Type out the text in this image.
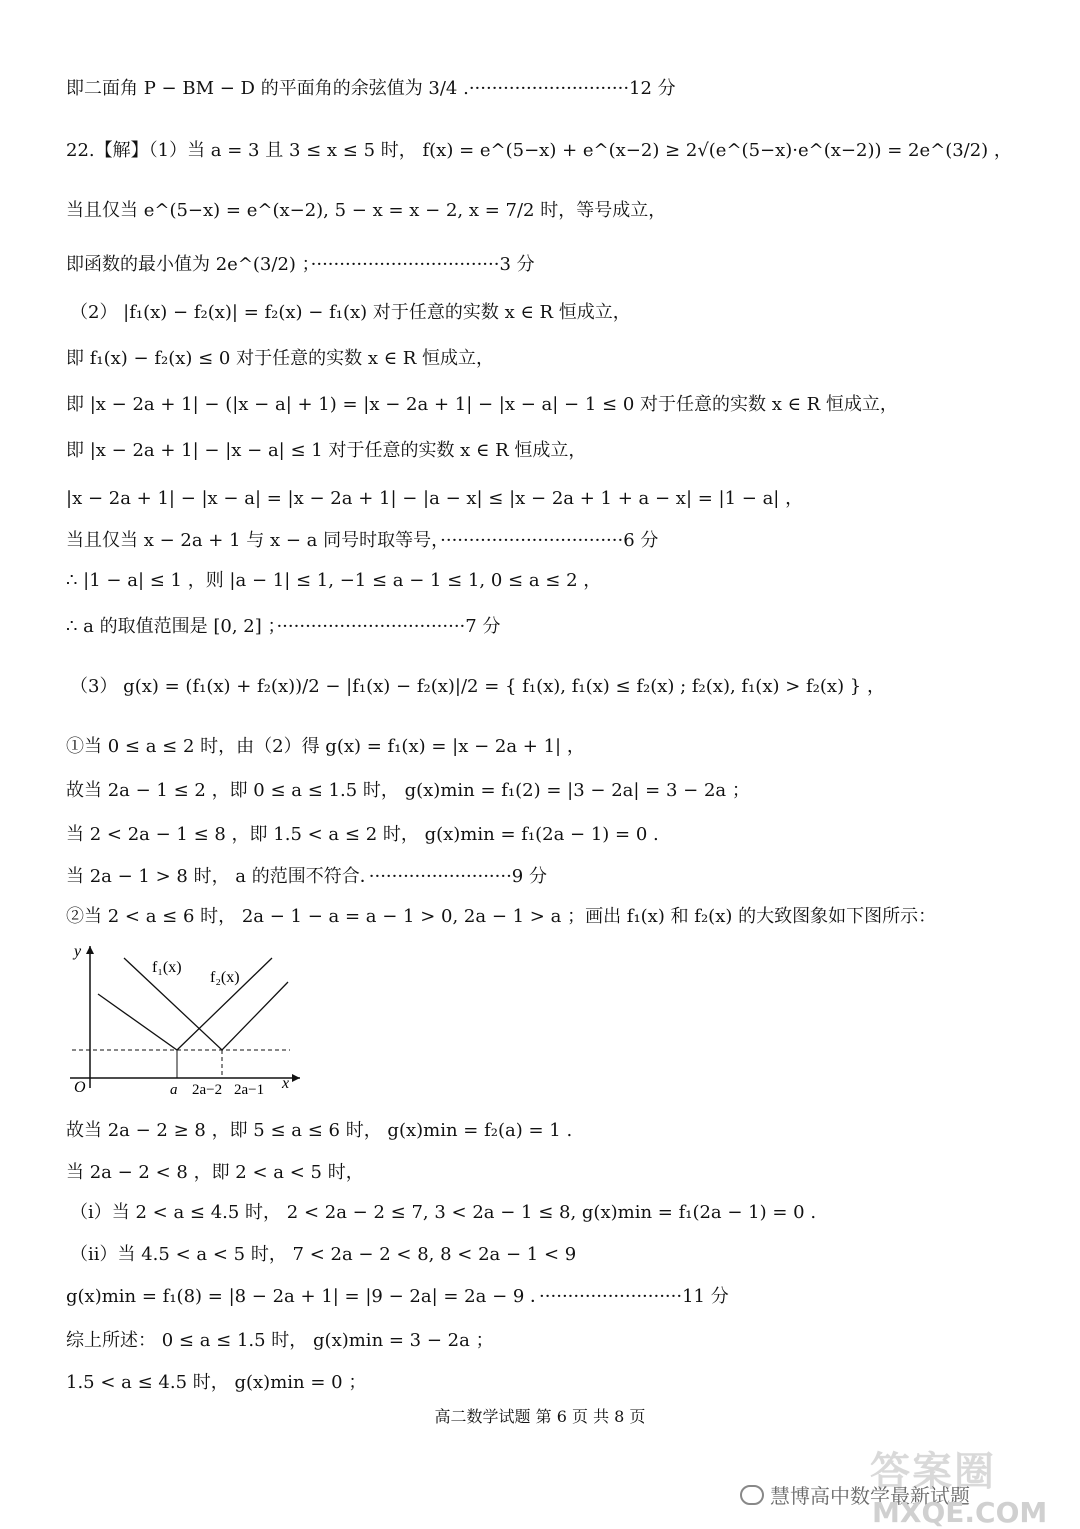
即二面角 P − BM − D 的平面角的余弦值为 3/4 .····························12 分
22.【解】（1）当 a = 3 且 3 ≤ x ≤ 5 时， f(x) = e^(5−x) + e^(x−2) ≥ 2√(e^(5−x)·e^(x−2)) = 2e^(3/2) ，
当且仅当 e^(5−x) = e^(x−2), 5 − x = x − 2, x = 7/2 时，等号成立，
即函数的最小值为 2e^(3/2) ；·································3 分
（2） |f₁(x) − f₂(x)| = f₂(x) − f₁(x) 对于任意的实数 x ∈ R 恒成立，
即 f₁(x) − f₂(x) ≤ 0 对于任意的实数 x ∈ R 恒成立，
即 |x − 2a + 1| − (|x − a| + 1) = |x − 2a + 1| − |x − a| − 1 ≤ 0 对于任意的实数 x ∈ R 恒成立，
即 |x − 2a + 1| − |x − a| ≤ 1 对于任意的实数 x ∈ R 恒成立，
|x − 2a + 1| − |x − a| = |x − 2a + 1| − |a − x| ≤ |x − 2a + 1 + a − x| = |1 − a| ，
当且仅当 x − 2a + 1 与 x − a 同号时取等号，································6 分
∴ |1 − a| ≤ 1 ，则 |a − 1| ≤ 1, −1 ≤ a − 1 ≤ 1, 0 ≤ a ≤ 2 ，
∴ a 的取值范围是 [0, 2] ；·································7 分
（3） g(x) = (f₁(x) + f₂(x))/2 − |f₁(x) − f₂(x)|/2 = { f₁(x), f₁(x) ≤ f₂(x) ; f₂(x), f₁(x) > f₂(x) } ，
①当 0 ≤ a ≤ 2 时，由（2）得 g(x) = f₁(x) = |x − 2a + 1| ，
故当 2a − 1 ≤ 2 ，即 0 ≤ a ≤ 1.5 时， g(x)min = f₁(2) = |3 − 2a| = 3 − 2a ；
当 2 < 2a − 1 ≤ 8 ，即 1.5 < a ≤ 2 时， g(x)min = f₁(2a − 1) = 0 .
当 2a − 1 > 8 时， a 的范围不符合．·························9 分
②当 2 < a ≤ 6 时， 2a − 1 − a = a − 1 > 0, 2a − 1 > a ；画出 f₁(x) 和 f₂(x) 的大致图象如下图所示：
y
x
O
f₁(x)
f₂(x)
a 2a−2 2a−1
故当 2a − 2 ≥ 8 ，即 5 ≤ a ≤ 6 时， g(x)min = f₂(a) = 1 .
当 2a − 2 < 8 ，即 2 < a < 5 时，
（i）当 2 < a ≤ 4.5 时， 2 < 2a − 2 ≤ 7, 3 < 2a − 1 ≤ 8, g(x)min = f₁(2a − 1) = 0 .
（ii）当 4.5 < a < 5 时， 7 < 2a − 2 < 8, 8 < 2a − 1 < 9
g(x)min = f₁(8) = |8 − 2a + 1| = |9 − 2a| = 2a − 9 ．·························11 分
综上所述： 0 ≤ a ≤ 1.5 时， g(x)min = 3 − 2a ；
1.5 < a ≤ 4.5 时， g(x)min = 0 ；
高二数学试题 第 6 页 共 8 页
答案圈
慧博高中数学最新试题
MXQE.COM
